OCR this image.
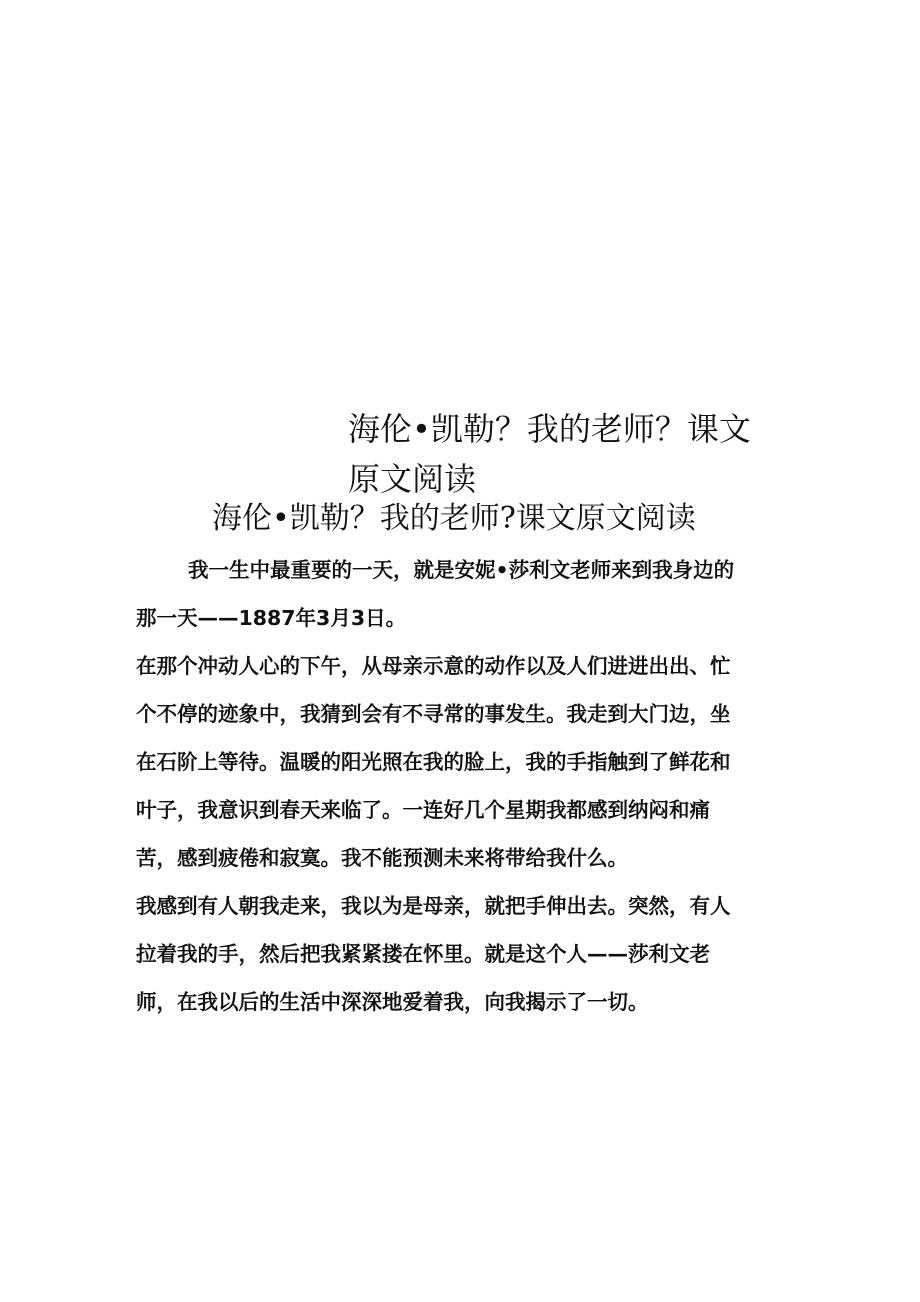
海伦•凯勒？我的老师？课文原文阅读
海伦•凯勒？我的老师?课文原文阅读

我一生中最重要的一天，就是安妮•莎利文老师来到我身边的那一天——1887年3月3日。

在那个冲动人心的下午，从母亲示意的动作以及人们进进出出、忙个不停的迹象中，我猜到会有不寻常的事发生。我走到大门边，坐在石阶上等待。温暖的阳光照在我的脸上，我的手指触到了鲜花和叶子，我意识到春天来临了。一连好几个星期我都感到纳闷和痛苦，感到疲倦和寂寞。我不能预测未来将带给我什么。

我感到有人朝我走来，我以为是母亲，就把手伸出去。突然，有人拉着我的手，然后把我紧紧搂在怀里。就是这个人——莎利文老师，在我以后的生活中深深地爱着我，向我揭示了一切。
